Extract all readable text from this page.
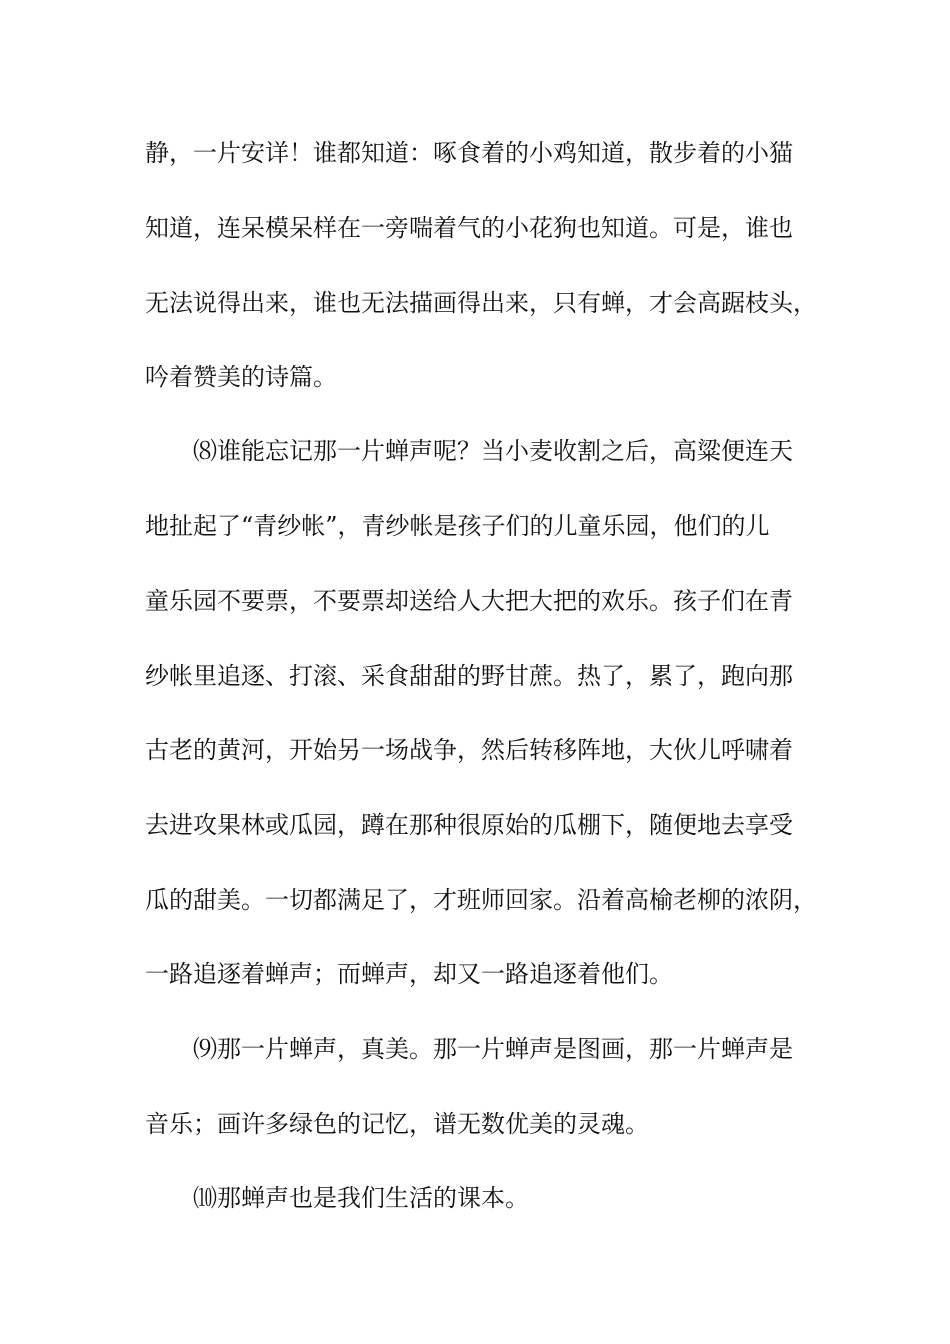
静，一片安详！谁都知道：啄食着的小鸡知道，散步着的小猫
知道，连呆模呆样在一旁喘着气的小花狗也知道。可是，谁也
无法说得出来，谁也无法描画得出来，只有蝉，才会高踞枝头，
吟着赞美的诗篇。
⑻谁能忘记那一片蝉声呢？当小麦收割之后，高粱便连天
地扯起了“青纱帐”，青纱帐是孩子们的儿童乐园，他们的儿
童乐园不要票，不要票却送给人大把大把的欢乐。孩子们在青
纱帐里追逐、打滚、采食甜甜的野甘蔗。热了，累了，跑向那
古老的黄河，开始另一场战争，然后转移阵地，大伙儿呼啸着
去进攻果林或瓜园，蹲在那种很原始的瓜棚下，随便地去享受
瓜的甜美。一切都满足了，才班师回家。沿着高榆老柳的浓阴，
一路追逐着蝉声；而蝉声，却又一路追逐着他们。
⑼那一片蝉声，真美。那一片蝉声是图画，那一片蝉声是
音乐；画许多绿色的记忆，谱无数优美的灵魂。
⑽那蝉声也是我们生活的课本。
